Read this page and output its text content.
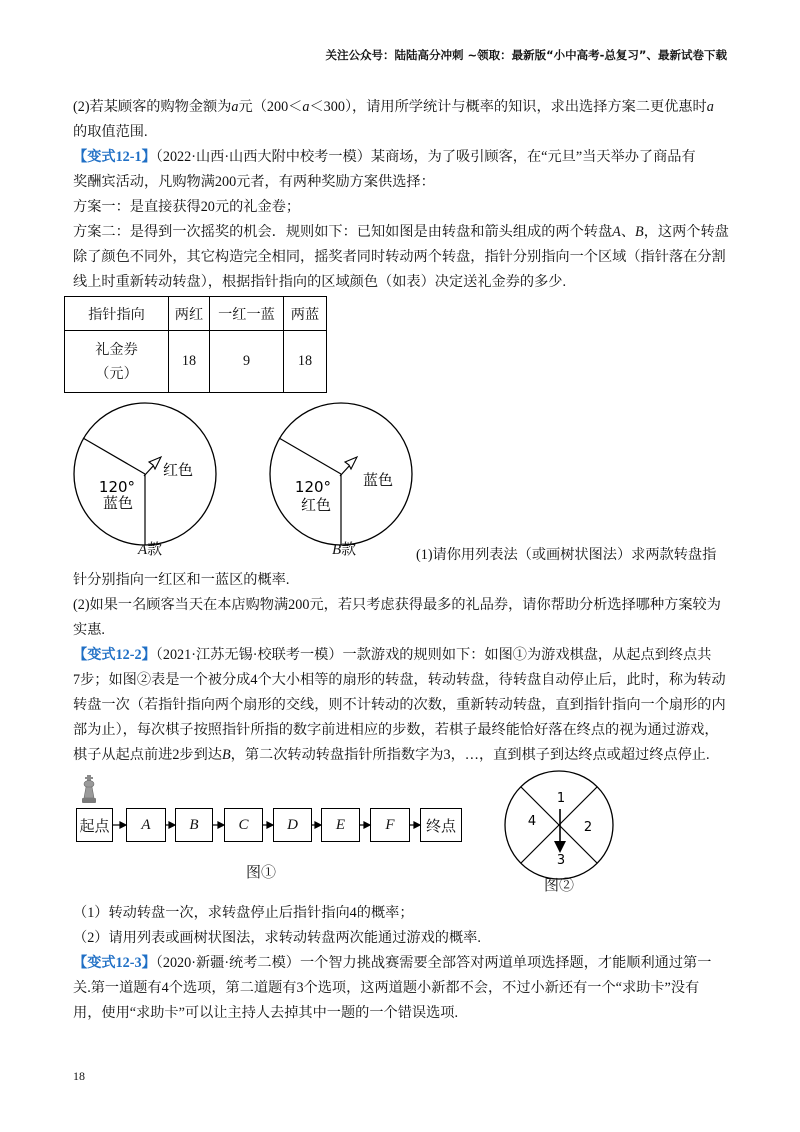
关注公众号：陆陆高分冲刺 ~领取：最新版“小中高考-总复习”、最新试卷下载
(2)若某顾客的购物金额为a元（200＜a＜300），请用所学统计与概率的知识，求出选择方案二更优惠时a
的取值范围.
【变式12-1】（2022·山西·山西大附中校考一模）某商场，为了吸引顾客，在“元旦”当天举办了商品有
奖酬宾活动，凡购物满200元者，有两种奖励方案供选择：
方案一：是直接获得20元的礼金卷；
方案二：是得到一次摇奖的机会．规则如下：已知如图是由转盘和箭头组成的两个转盘A、B，这两个转盘
除了颜色不同外，其它构造完全相同，摇奖者同时转动两个转盘，指针分别指向一个区域（指针落在分割
线上时重新转动转盘），根据指针指向的区域颜色（如表）决定送礼金券的多少.
指针指向	两红	一红一蓝	两蓝

礼金券
（元）	18	9	18
红色
120°
蓝色
蓝色
120°
红色
A款	B款	(1)请你用列表法（或画树状图法）求两款转盘指
针分别指向一红区和一蓝区的概率.
(2)如果一名顾客当天在本店购物满200元，若只考虑获得最多的礼品券，请你帮助分析选择哪种方案较为
实惠.
【变式12-2】（2021·江苏无锡·校联考一模）一款游戏的规则如下：如图①为游戏棋盘，从起点到终点共
7步；如图②表是一个被分成4个大小相等的扇形的转盘，转动转盘，待转盘自动停止后，此时，称为转动
转盘一次（若指针指向两个扇形的交线，则不计转动的次数，重新转动转盘，直到指针指向一个扇形的内
部为止），每次棋子按照指针所指的数字前进相应的步数，若棋子最终能恰好落在终点的视为通过游戏，
棋子从起点前进2步到达B，第二次转动转盘指针所指数字为3，…，直到棋子到达终点或超过终点停止.
起点	A	B	C	D	E	F	终点
图①
1
2
3
4
图②
（1）转动转盘一次，求转盘停止后指针指向4的概率；
（2）请用列表或画树状图法，求转动转盘两次能通过游戏的概率.
【变式12-3】（2020·新疆·统考二模）一个智力挑战赛需要全部答对两道单项选择题，才能顺利通过第一
关.第一道题有4个选项，第二道题有3个选项，这两道题小新都不会，不过小新还有一个“求助卡”没有
用，使用“求助卡”可以让主持人去掉其中一题的一个错误选项.
18
